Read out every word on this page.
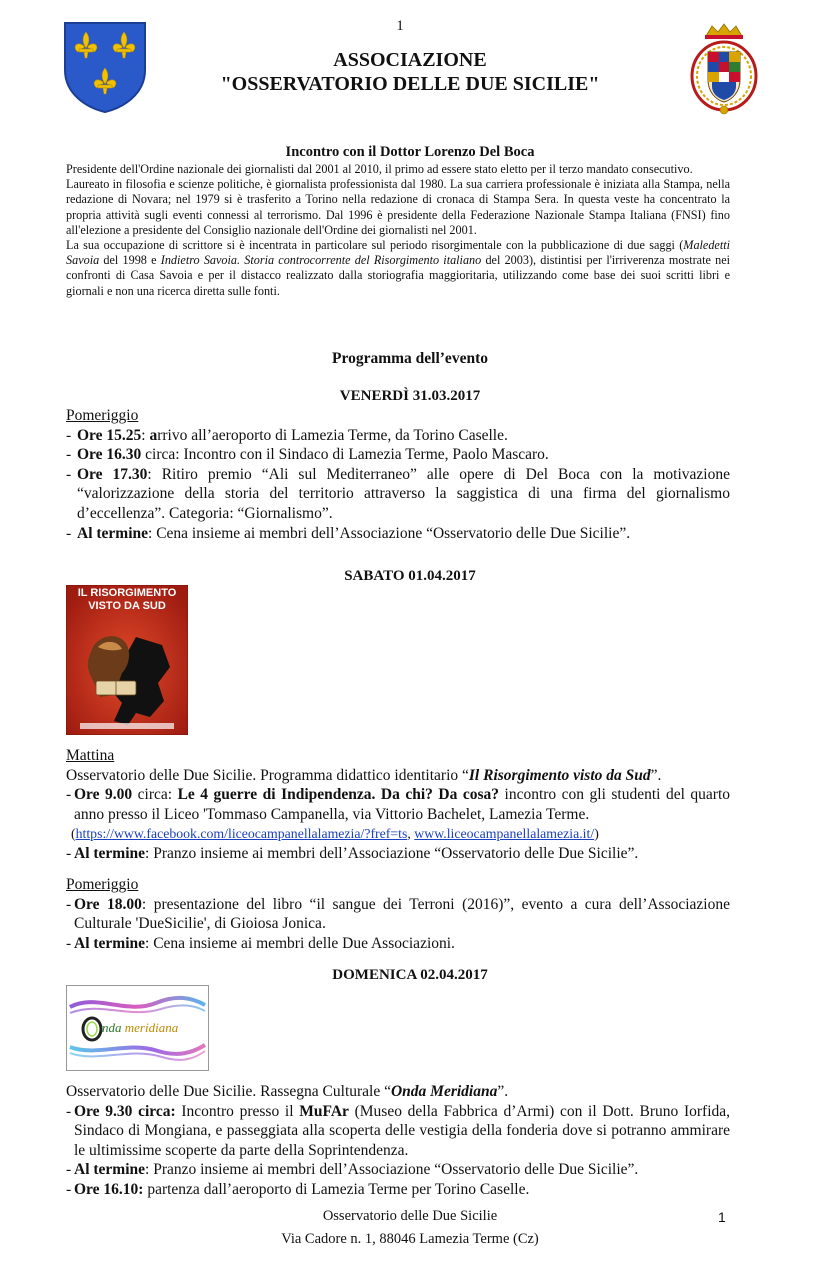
1
ASSOCIAZIONE
"OSSERVATORIO DELLE DUE SICILIE"
Incontro con il Dottor Lorenzo Del Boca

Presidente dell'Ordine nazionale dei giornalisti dal 2001 al 2010, il primo ad essere stato eletto per il terzo mandato consecutivo.

Laureato in filosofia e scienze politiche, è giornalista professionista dal 1980. La sua carriera professionale è iniziata alla Stampa, nella redazione di Novara; nel 1979 si è trasferito a Torino nella redazione di cronaca di Stampa Sera. In questa veste ha concentrato la propria attività sugli eventi connessi al terrorismo. Dal 1996 è presidente della Federazione Nazionale Stampa Italiana (FNSI) fino all'elezione a presidente del Consiglio nazionale dell'Ordine dei giornalisti nel 2001.

La sua occupazione di scrittore si è incentrata in particolare sul periodo risorgimentale con la pubblicazione di due saggi (Maledetti Savoia del 1998 e Indietro Savoia. Storia controcorrente del Risorgimento italiano del 2003), distintisi per l'irriverenza mostrate nei confronti di Casa Savoia e per il distacco realizzato dalla storiografia maggioritaria, utilizzando come base dei suoi scritti libri e giornali e non una ricerca diretta sulle fonti.

Programma dell’evento
VENERDÌ 31.03.2017
Pomeriggio
- Ore 15.25: arrivo all’aeroporto di Lamezia Terme, da Torino Caselle.
- Ore 16.30 circa: Incontro con il Sindaco di Lamezia Terme, Paolo Mascaro.
- Ore 17.30: Ritiro premio “Ali sul Mediterraneo” alle opere di Del Boca con la motivazione “valorizzazione della storia del territorio attraverso la saggistica di una firma del giornalismo d’eccellenza”. Categoria: “Giornalismo”.
- Al termine: Cena insieme ai membri dell’Associazione “Osservatorio delle Due Sicilie”.
SABATO 01.04.2017
IL RISORGIMENTO
VISTO DA SUD
Mattina
Osservatorio delle Due Sicilie. Programma didattico identitario “Il Risorgimento visto da Sud”.
- Ore 9.00 circa: Le 4 guerre di Indipendenza. Da chi? Da cosa? incontro con gli studenti del quarto anno presso il Liceo 'Tommaso Campanella, via Vittorio Bachelet, Lamezia Terme.
(https://www.facebook.com/liceocampanellalamezia/?fref=ts, www.liceocampanellalamezia.it/)
- Al termine: Pranzo insieme ai membri dell’Associazione “Osservatorio delle Due Sicilie”.
Pomeriggio
- Ore 18.00: presentazione del libro “il sangue dei Terroni (2016)”, evento a cura dell’Associazione Culturale 'DueSicilie', di Gioiosa Jonica.
- Al termine: Cena insieme ai membri delle Due Associazioni.
DOMENICA 02.04.2017
nda meridiana
Osservatorio delle Due Sicilie. Rassegna Culturale “Onda Meridiana”.
- Ore 9.30 circa: Incontro presso il MuFAr (Museo della Fabbrica d’Armi) con il Dott. Bruno Iorfida, Sindaco di Mongiana, e passeggiata alla scoperta delle vestigia della fonderia dove si potranno ammirare le ultimissime scoperte da parte della Soprintendenza.
- Al termine: Pranzo insieme ai membri dell’Associazione “Osservatorio delle Due Sicilie”.
- Ore 16.10: partenza dall’aeroporto di Lamezia Terme per Torino Caselle.
Osservatorio delle Due Sicilie
Via Cadore n. 1, 88046 Lamezia Terme (Cz)
1
